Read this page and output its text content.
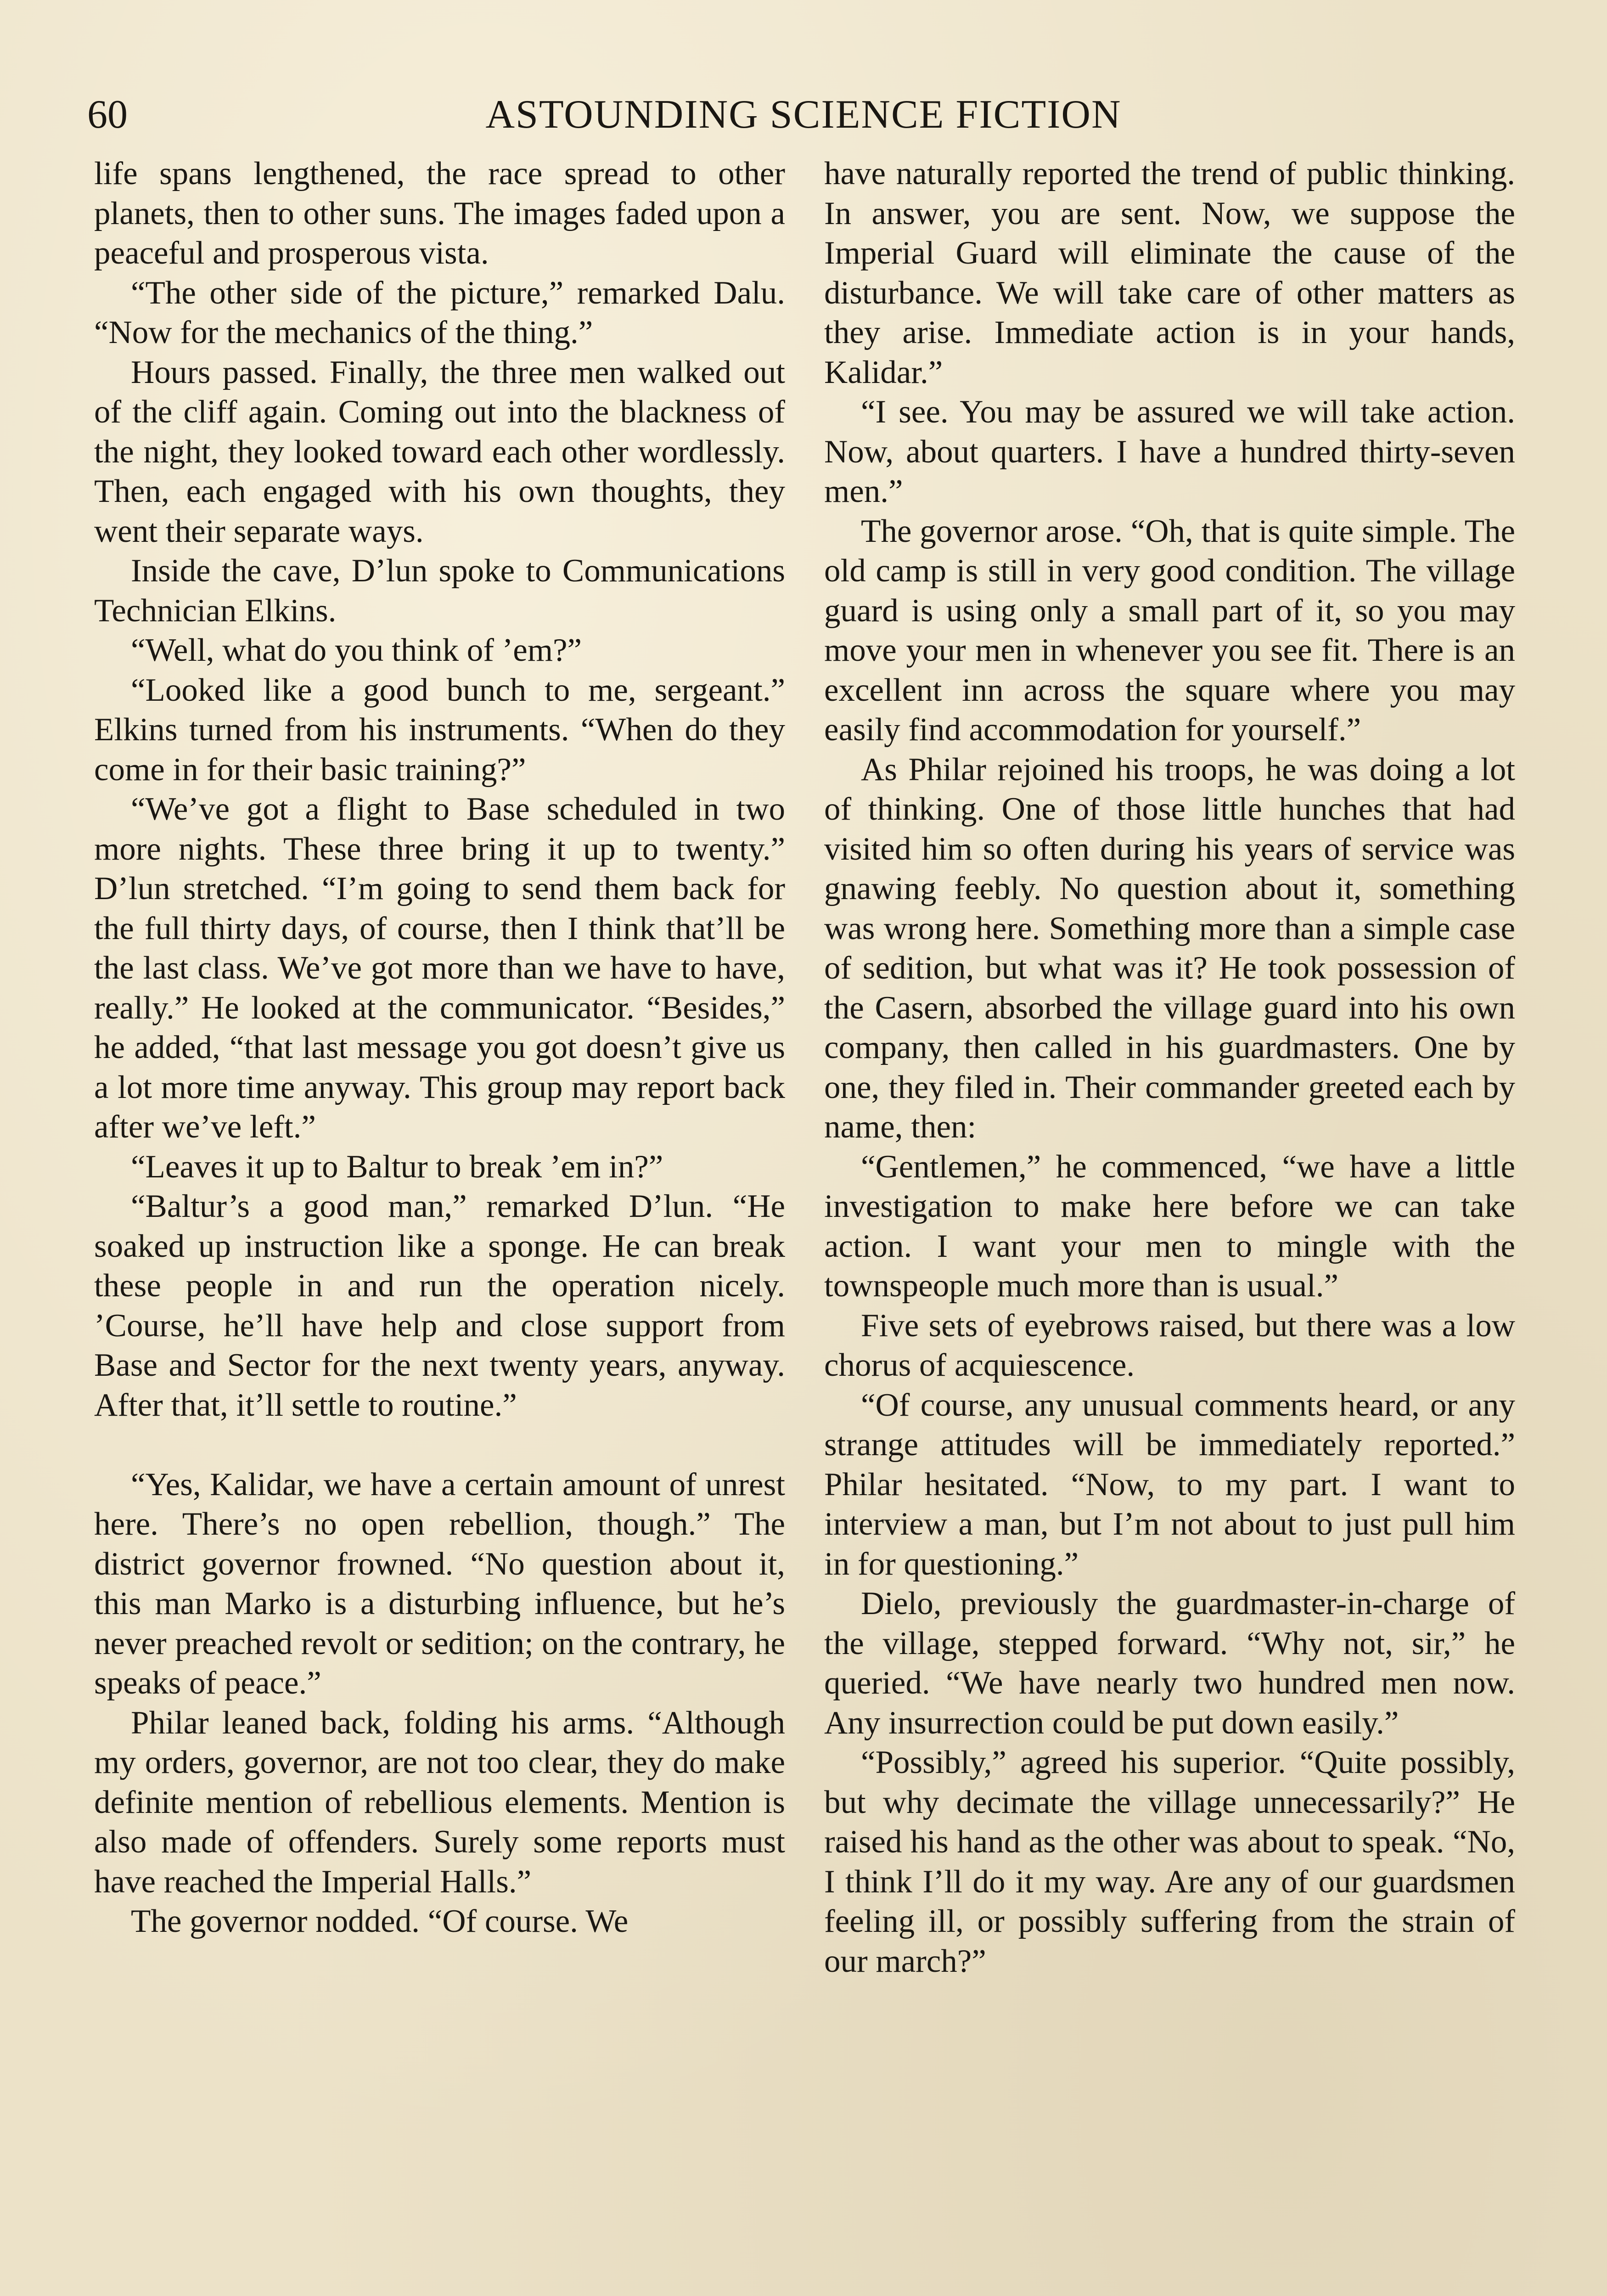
60	ASTOUNDING SCIENCE FICTION

life spans lengthened, the race spread to other planets, then to other suns. The images faded upon a peaceful and prosperous vista.

“The other side of the picture,” remarked Dalu. “Now for the mechanics of the thing.”

Hours passed. Finally, the three men walked out of the cliff again. Coming out into the blackness of the night, they looked toward each other wordlessly. Then, each engaged with his own thoughts, they went their separate ways.

Inside the cave, D’lun spoke to Communications Technician Elkins.

“Well, what do you think of ’em?”

“Looked like a good bunch to me, sergeant.” Elkins turned from his instruments. “When do they come in for their basic training?”

“We’ve got a flight to Base scheduled in two more nights. These three bring it up to twenty.” D’lun stretched. “I’m going to send them back for the full thirty days, of course, then I think that’ll be the last class. We’ve got more than we have to have, really.” He looked at the communicator. “Besides,” he added, “that last message you got doesn’t give us a lot more time anyway. This group may report back after we’ve left.”

“Leaves it up to Baltur to break ’em in?”

“Baltur’s a good man,” remarked D’lun. “He soaked up instruction like a sponge. He can break these people in and run the operation nicely. ’Course, he’ll have help and close support from Base and Sector for the next twenty years, anyway. After that, it’ll settle to routine.”

“Yes, Kalidar, we have a certain amount of unrest here. There’s no open rebellion, though.” The district governor frowned. “No question about it, this man Marko is a disturbing influence, but he’s never preached revolt or sedition; on the contrary, he speaks of peace.”

Philar leaned back, folding his arms. “Although my orders, governor, are not too clear, they do make definite mention of rebellious elements. Mention is also made of offenders. Surely some reports must have reached the Imperial Halls.”

The governor nodded. “Of course. We

have naturally reported the trend of public thinking. In answer, you are sent. Now, we suppose the Imperial Guard will eliminate the cause of the disturbance. We will take care of other matters as they arise. Immediate action is in your hands, Kalidar.”

“I see. You may be assured we will take action. Now, about quarters. I have a hundred thirty-seven men.”

The governor arose. “Oh, that is quite simple. The old camp is still in very good condition. The village guard is using only a small part of it, so you may move your men in whenever you see fit. There is an excellent inn across the square where you may easily find accommodation for yourself.”

As Philar rejoined his troops, he was doing a lot of thinking. One of those little hunches that had visited him so often during his years of service was gnawing feebly. No question about it, something was wrong here. Something more than a simple case of sedition, but what was it? He took possession of the Casern, absorbed the village guard into his own company, then called in his guardmasters. One by one, they filed in. Their commander greeted each by name, then:

“Gentlemen,” he commenced, “we have a little investigation to make here before we can take action. I want your men to mingle with the townspeople much more than is usual.”

Five sets of eyebrows raised, but there was a low chorus of acquiescence.

“Of course, any unusual comments heard, or any strange attitudes will be immediately reported.” Philar hesitated. “Now, to my part. I want to interview a man, but I’m not about to just pull him in for questioning.”

Dielo, previously the guardmaster-in-charge of the village, stepped forward. “Why not, sir,” he queried. “We have nearly two hundred men now. Any insurrection could be put down easily.”

“Possibly,” agreed his superior. “Quite possibly, but why decimate the village unnecessarily?” He raised his hand as the other was about to speak. “No, I think I’ll do it my way. Are any of our guardsmen feeling ill, or possibly suffering from the strain of our march?”
